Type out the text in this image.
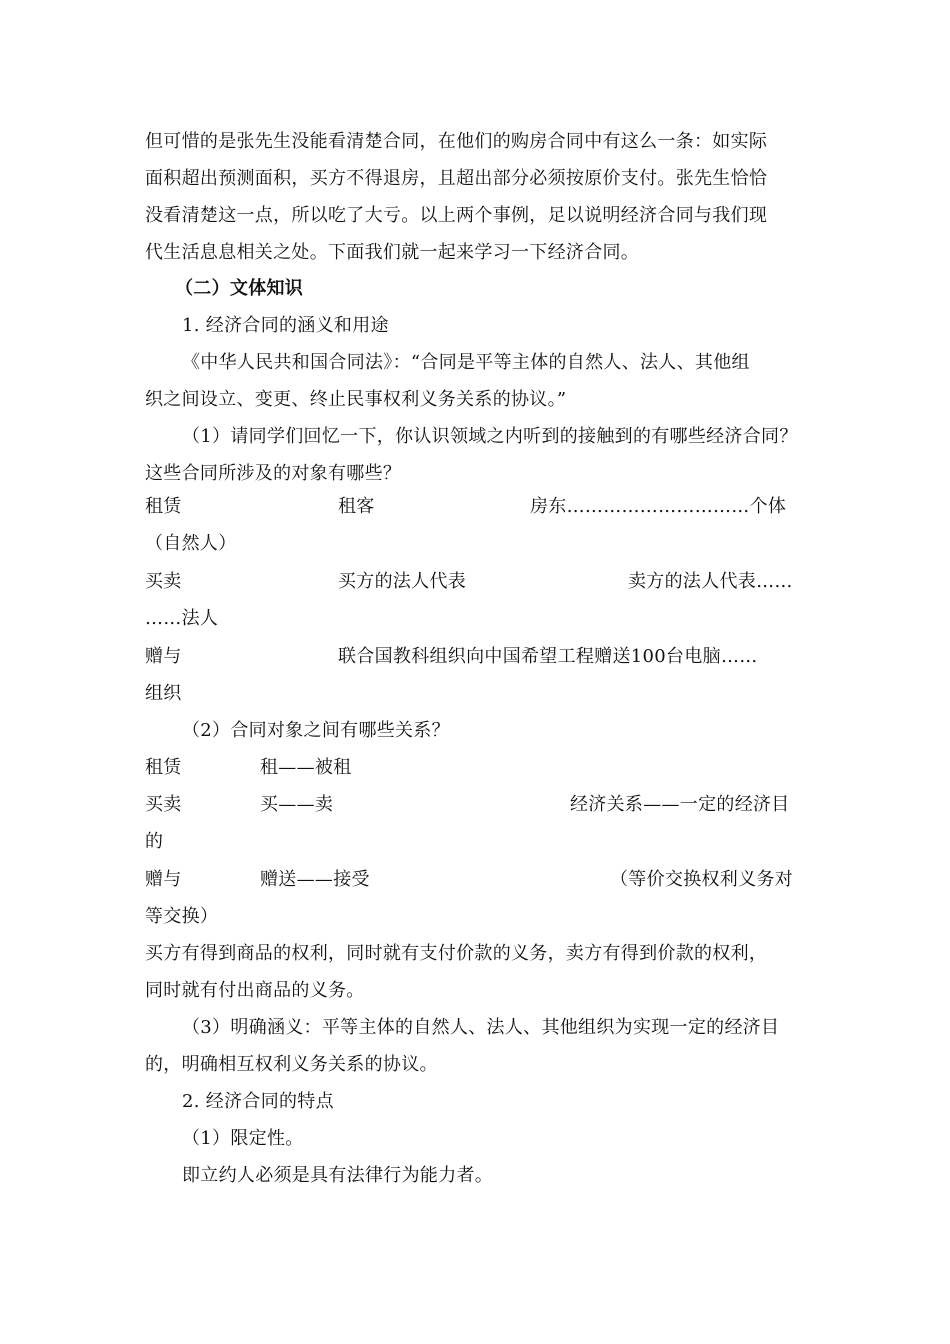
但可惜的是张先生没能看清楚合同，在他们的购房合同中有这么一条：如实际
面积超出预测面积，买方不得退房，且超出部分必须按原价支付。张先生恰恰
没看清楚这一点，所以吃了大亏。以上两个事例，足以说明经济合同与我们现
代生活息息相关之处。下面我们就一起来学习一下经济合同。
（二）文体知识
1. 经济合同的涵义和用途
《中华人民共和国合同法》：“合同是平等主体的自然人、法人、其他组
织之间设立、变更、终止民事权利义务关系的协议。”
（1）请同学们回忆一下，你认识领域之内听到的接触到的有哪些经济合同？
这些合同所涉及的对象有哪些？
租赁	租客	房东…………………………个体
（自然人）
买卖	买方的法人代表	卖方的法人代表……
……法人
赠与	联合国教科组织向中国希望工程赠送100台电脑……
组织
（2）合同对象之间有哪些关系？
租赁	租——被租
买卖	买——卖	经济关系——一定的经济目
的
赠与	赠送——接受	（等价交换权利义务对
等交换）
买方有得到商品的权利，同时就有支付价款的义务，卖方有得到价款的权利，
同时就有付出商品的义务。
（3）明确涵义：平等主体的自然人、法人、其他组织为实现一定的经济目
的，明确相互权利义务关系的协议。
2. 经济合同的特点
（1）限定性。
即立约人必须是具有法律行为能力者。
